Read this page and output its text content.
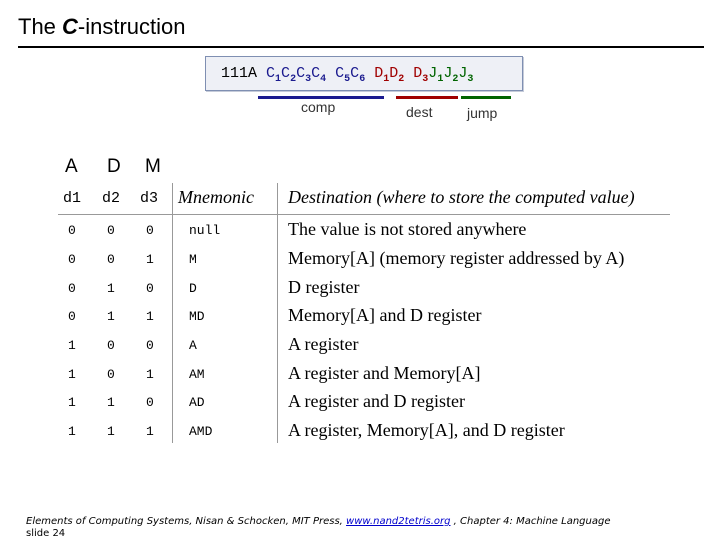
The C-instruction
111A $C_1C_2C_3C_4$ $C_5C_6$ $D_1D_2$ $D_3J_1J_2J_3$
comp	dest jump
A D M
d1 d2 d3 Mnemonic Destination (where to store the computed value)
0 0 0	null	The value is not stored anywhere
0 0 1	M	Memory[A] (memory register addressed by A)
0 1 0	D	D register
0 1 1	MD	Memory[A] and D register
1 0 0	A	A register
1 0 1	AM	A register and Memory[A]
1 1 0	AD	A register and D register
1 1 1	AMD	A register, Memory[A], and D register
Elements of Computing Systems, Nisan & Schocken, MIT Press, www.nand2tetris.org , Chapter 4: Machine Language
slide 24
